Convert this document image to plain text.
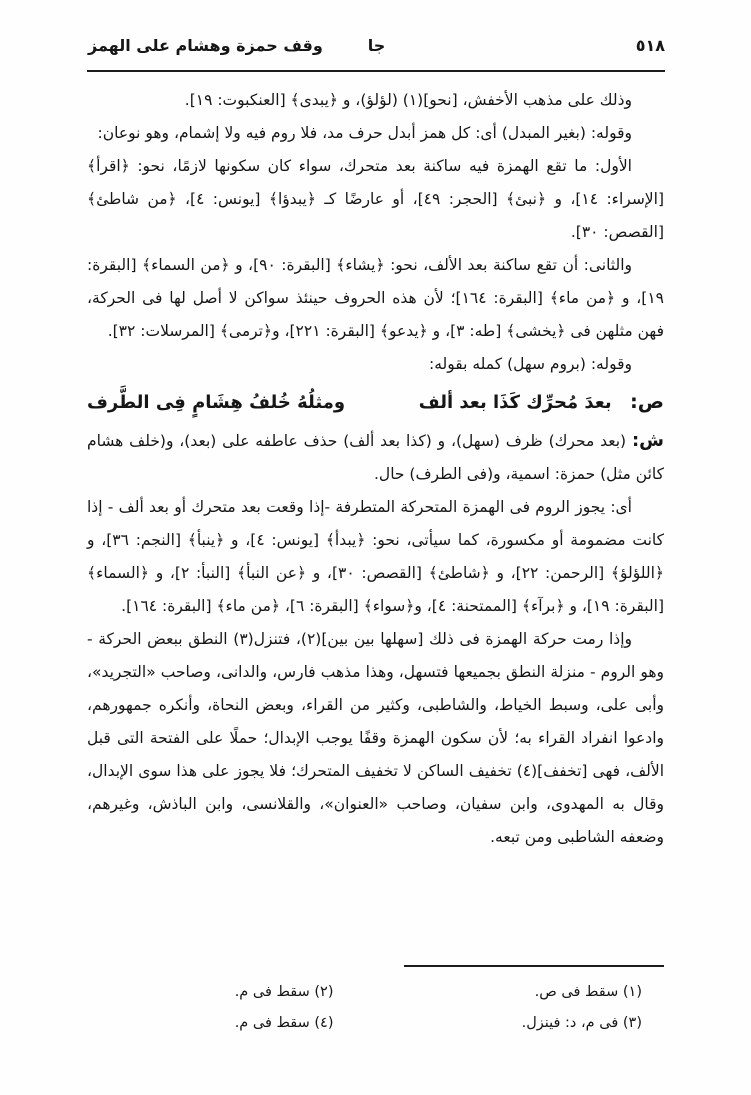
٥١٨
جا
وقف حمزة وهشام على الهمز

وذلك على مذهب الأخفش، [نحو](١) (لؤلؤ)، و ﴿يبدى﴾ [العنكبوت: ١٩].

وقوله: (بغير المبدل) أى: كل همز أبدل حرف مد، فلا روم فيه ولا إشمام، وهو نوعان:

الأول: ما تقع الهمزة فيه ساكنة بعد متحرك، سواء كان سكونها لازمًا، نحو: ﴿اقرأ﴾ [الإسراء: ١٤]، و ﴿نبئ﴾ [الحجر: ٤٩]، أو عارضًا كـ ﴿يبدؤا﴾ [يونس: ٤]، ﴿من شاطئ﴾ [القصص: ٣٠].

والثانى: أن تقع ساكنة بعد الألف، نحو: ﴿يشاء﴾ [البقرة: ٩٠]، و ﴿من السماء﴾ [البقرة: ١٩]، و ﴿من ماء﴾ [البقرة: ١٦٤]؛ لأن هذه الحروف حينئذ سواكن لا أصل لها فى الحركة، فهن مثلهن فى ﴿يخشى﴾ [طه: ٣]، و ﴿يدعو﴾ [البقرة: ٢٢١]، و﴿ترمى﴾ [المرسلات: ٣٢].

وقوله: (بروم سهل) كمله بقوله:

ص: بعدَ مُحرِّك كَذَا بعد ألف
ومثلُهُ خُلفُ هِشَامٍ فِى الطَّرف

ش: (بعد محرك) ظرف (سهل)، و (كذا بعد ألف) حذف عاطفه على (بعد)، و(خلف هشام كائن مثل) حمزة: اسمية، و(فى الطرف) حال.

أى: يجوز الروم فى الهمزة المتحركة المتطرفة -إذا وقعت بعد متحرك أو بعد ألف - إذا كانت مضمومة أو مكسورة، كما سيأتى، نحو: ﴿يبدأ﴾ [يونس: ٤]، و ﴿ينبأ﴾ [النجم: ٣٦]، و ﴿اللؤلؤ﴾ [الرحمن: ٢٢]، و ﴿شاطئ﴾ [القصص: ٣٠]، و ﴿عن النبأ﴾ [النبأ: ٢]، و ﴿السماء﴾ [البقرة: ١٩]، و ﴿برآء﴾ [الممتحنة: ٤]، و﴿سواء﴾ [البقرة: ٦]، ﴿من ماء﴾ [البقرة: ١٦٤].

وإذا رمت حركة الهمزة فى ذلك [سهلها بين بين](٢)، فتنزل(٣) النطق ببعض الحركة - وهو الروم - منزلة النطق بجميعها فتسهل، وهذا مذهب فارس، والدانى، وصاحب «التجريد»، وأبى على، وسبط الخياط، والشاطبى، وكثير من القراء، وبعض النحاة، وأنكره جمهورهم، وادعوا انفراد القراء به؛ لأن سكون الهمزة وقفًا يوجب الإبدال؛ حملًا على الفتحة التى قبل الألف، فهى [تخفف](٤) تخفيف الساكن لا تخفيف المتحرك؛ فلا يجوز على هذا سوى الإبدال، وقال به المهدوى، وابن سفيان، وصاحب «العنوان»، والقلانسى، وابن الباذش، وغيرهم، وضعفه الشاطبى ومن تبعه.

(١) سقط فى ص.

(٣) فى م، د: فينزل.

(٢) سقط فى م.

(٤) سقط فى م.
